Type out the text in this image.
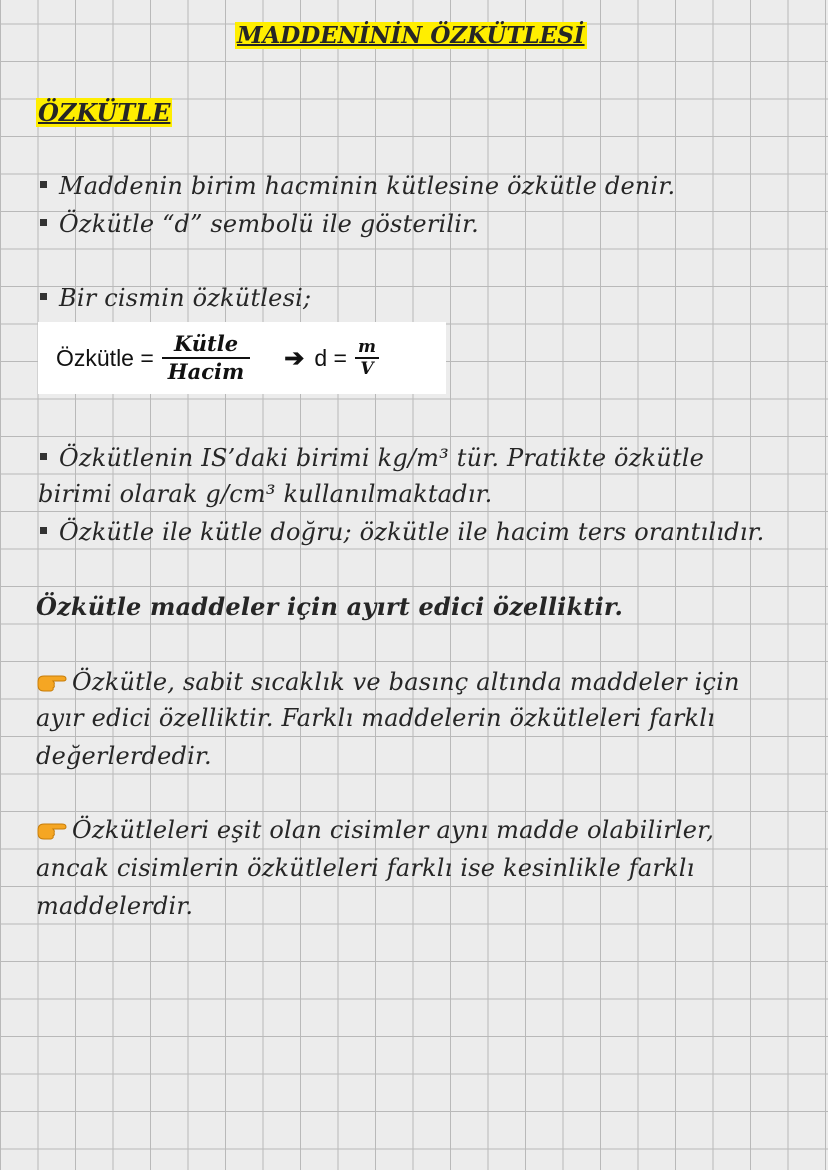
MADDENİNİN ÖZKÜTLESİ
ÖZKÜTLE
Maddenin birim hacminin kütlesine özkütle denir.
Özkütle “d” sembolü ile gösterilir.
Bir cismin özkütlesi;
Özkütle = $\frac{\text{Kütle}}{\text{Hacim}}$ ➔ $d = \frac{m}{V}$
Özkütlenin IS’daki birimi kg/m³ tür. Pratikte özkütle
birimi olarak g/cm³ kullanılmaktadır.
Özkütle ile kütle doğru; özkütle ile hacim ters orantılıdır.
Özkütle maddeler için ayırt edici özelliktir.
Özkütle, sabit sıcaklık ve basınç altında maddeler için
ayır edici özelliktir. Farklı maddelerin özkütleleri farklı
değerlerdedir.
Özkütleleri eşit olan cisimler aynı madde olabilirler,
ancak cisimlerin özkütleleri farklı ise kesinlikle farklı
maddelerdir.
